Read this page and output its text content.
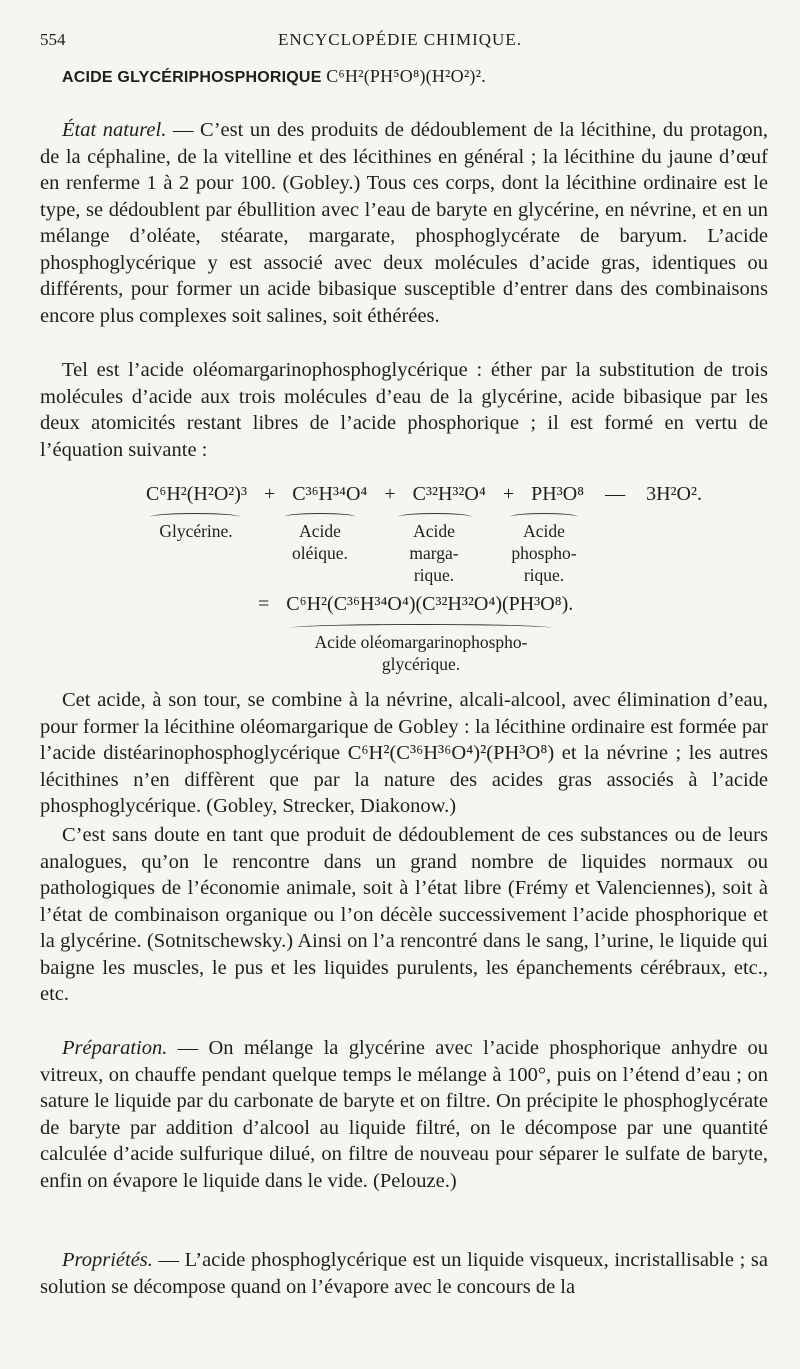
554	ENCYCLOPÉDIE CHIMIQUE.
ACIDE GLYCÉRIPHOSPHORIQUE C⁶H²(PH⁵O⁸)(H²O²)².

État naturel. — C’est un des produits de dédoublement de la lécithine, du protagon, de la céphaline, de la vitelline et des lécithines en général ; la lécithine du jaune d’œuf en renferme 1 à 2 pour 100. (Gobley.) Tous ces corps, dont la lécithine ordinaire est le type, se dédoublent par ébullition avec l’eau de baryte en glycérine, en névrine, et en un mélange d’oléate, stéarate, margarate, phosphoglycérate de baryum. L’acide phosphoglycérique y est associé avec deux molécules d’acide gras, identiques ou différents, pour former un acide bibasique susceptible d’entrer dans des combinaisons encore plus complexes soit salines, soit éthérées.

Tel est l’acide oléomargarinophosphoglycérique : éther par la substitution de trois molécules d’acide aux trois molécules d’eau de la glycérine, acide bibasique par les deux atomicités restant libres de l’acide phosphorique ; il est formé en vertu de l’équation suivante :

C⁶H²(H²O²)³ + C³⁶H³⁴O⁴ + C³²H³²O⁴ + PH³O⁸ — 3H²O².
Glycérine.	Acide
oléique.
Acide
marga-
rique.
Acide
phospho-
rique.
= C⁶H²(C³⁶H³⁴O⁴)(C³²H³²O⁴)(PH³O⁸).
Acide oléomargarinophospho-
glycérique.

Cet acide, à son tour, se combine à la névrine, alcali-alcool, avec élimination d’eau, pour former la lécithine oléomargarique de Gobley : la lécithine ordinaire est formée par l’acide distéarinophosphoglycérique C⁶H²(C³⁶H³⁶O⁴)²(PH³O⁸) et la névrine ; les autres lécithines n’en diffèrent que par la nature des acides gras associés à l’acide phosphoglycérique. (Gobley, Strecker, Diakonow.)

C’est sans doute en tant que produit de dédoublement de ces substances ou de leurs analogues, qu’on le rencontre dans un grand nombre de liquides normaux ou pathologiques de l’économie animale, soit à l’état libre (Frémy et Valenciennes), soit à l’état de combinaison organique ou l’on décèle successivement l’acide phosphorique et la glycérine. (Sotnitschewsky.) Ainsi on l’a rencontré dans le sang, l’urine, le liquide qui baigne les muscles, le pus et les liquides purulents, les épanchements cérébraux, etc., etc.

Préparation. — On mélange la glycérine avec l’acide phosphorique anhydre ou vitreux, on chauffe pendant quelque temps le mélange à 100°, puis on l’étend d’eau ; on sature le liquide par du carbonate de baryte et on filtre. On précipite le phosphoglycérate de baryte par addition d’alcool au liquide filtré, on le décompose par une quantité calculée d’acide sulfurique dilué, on filtre de nouveau pour séparer le sulfate de baryte, enfin on évapore le liquide dans le vide. (Pelouze.)

Propriétés. — L’acide phosphoglycérique est un liquide visqueux, incristallisable ; sa solution se décompose quand on l’évapore avec le concours de la
